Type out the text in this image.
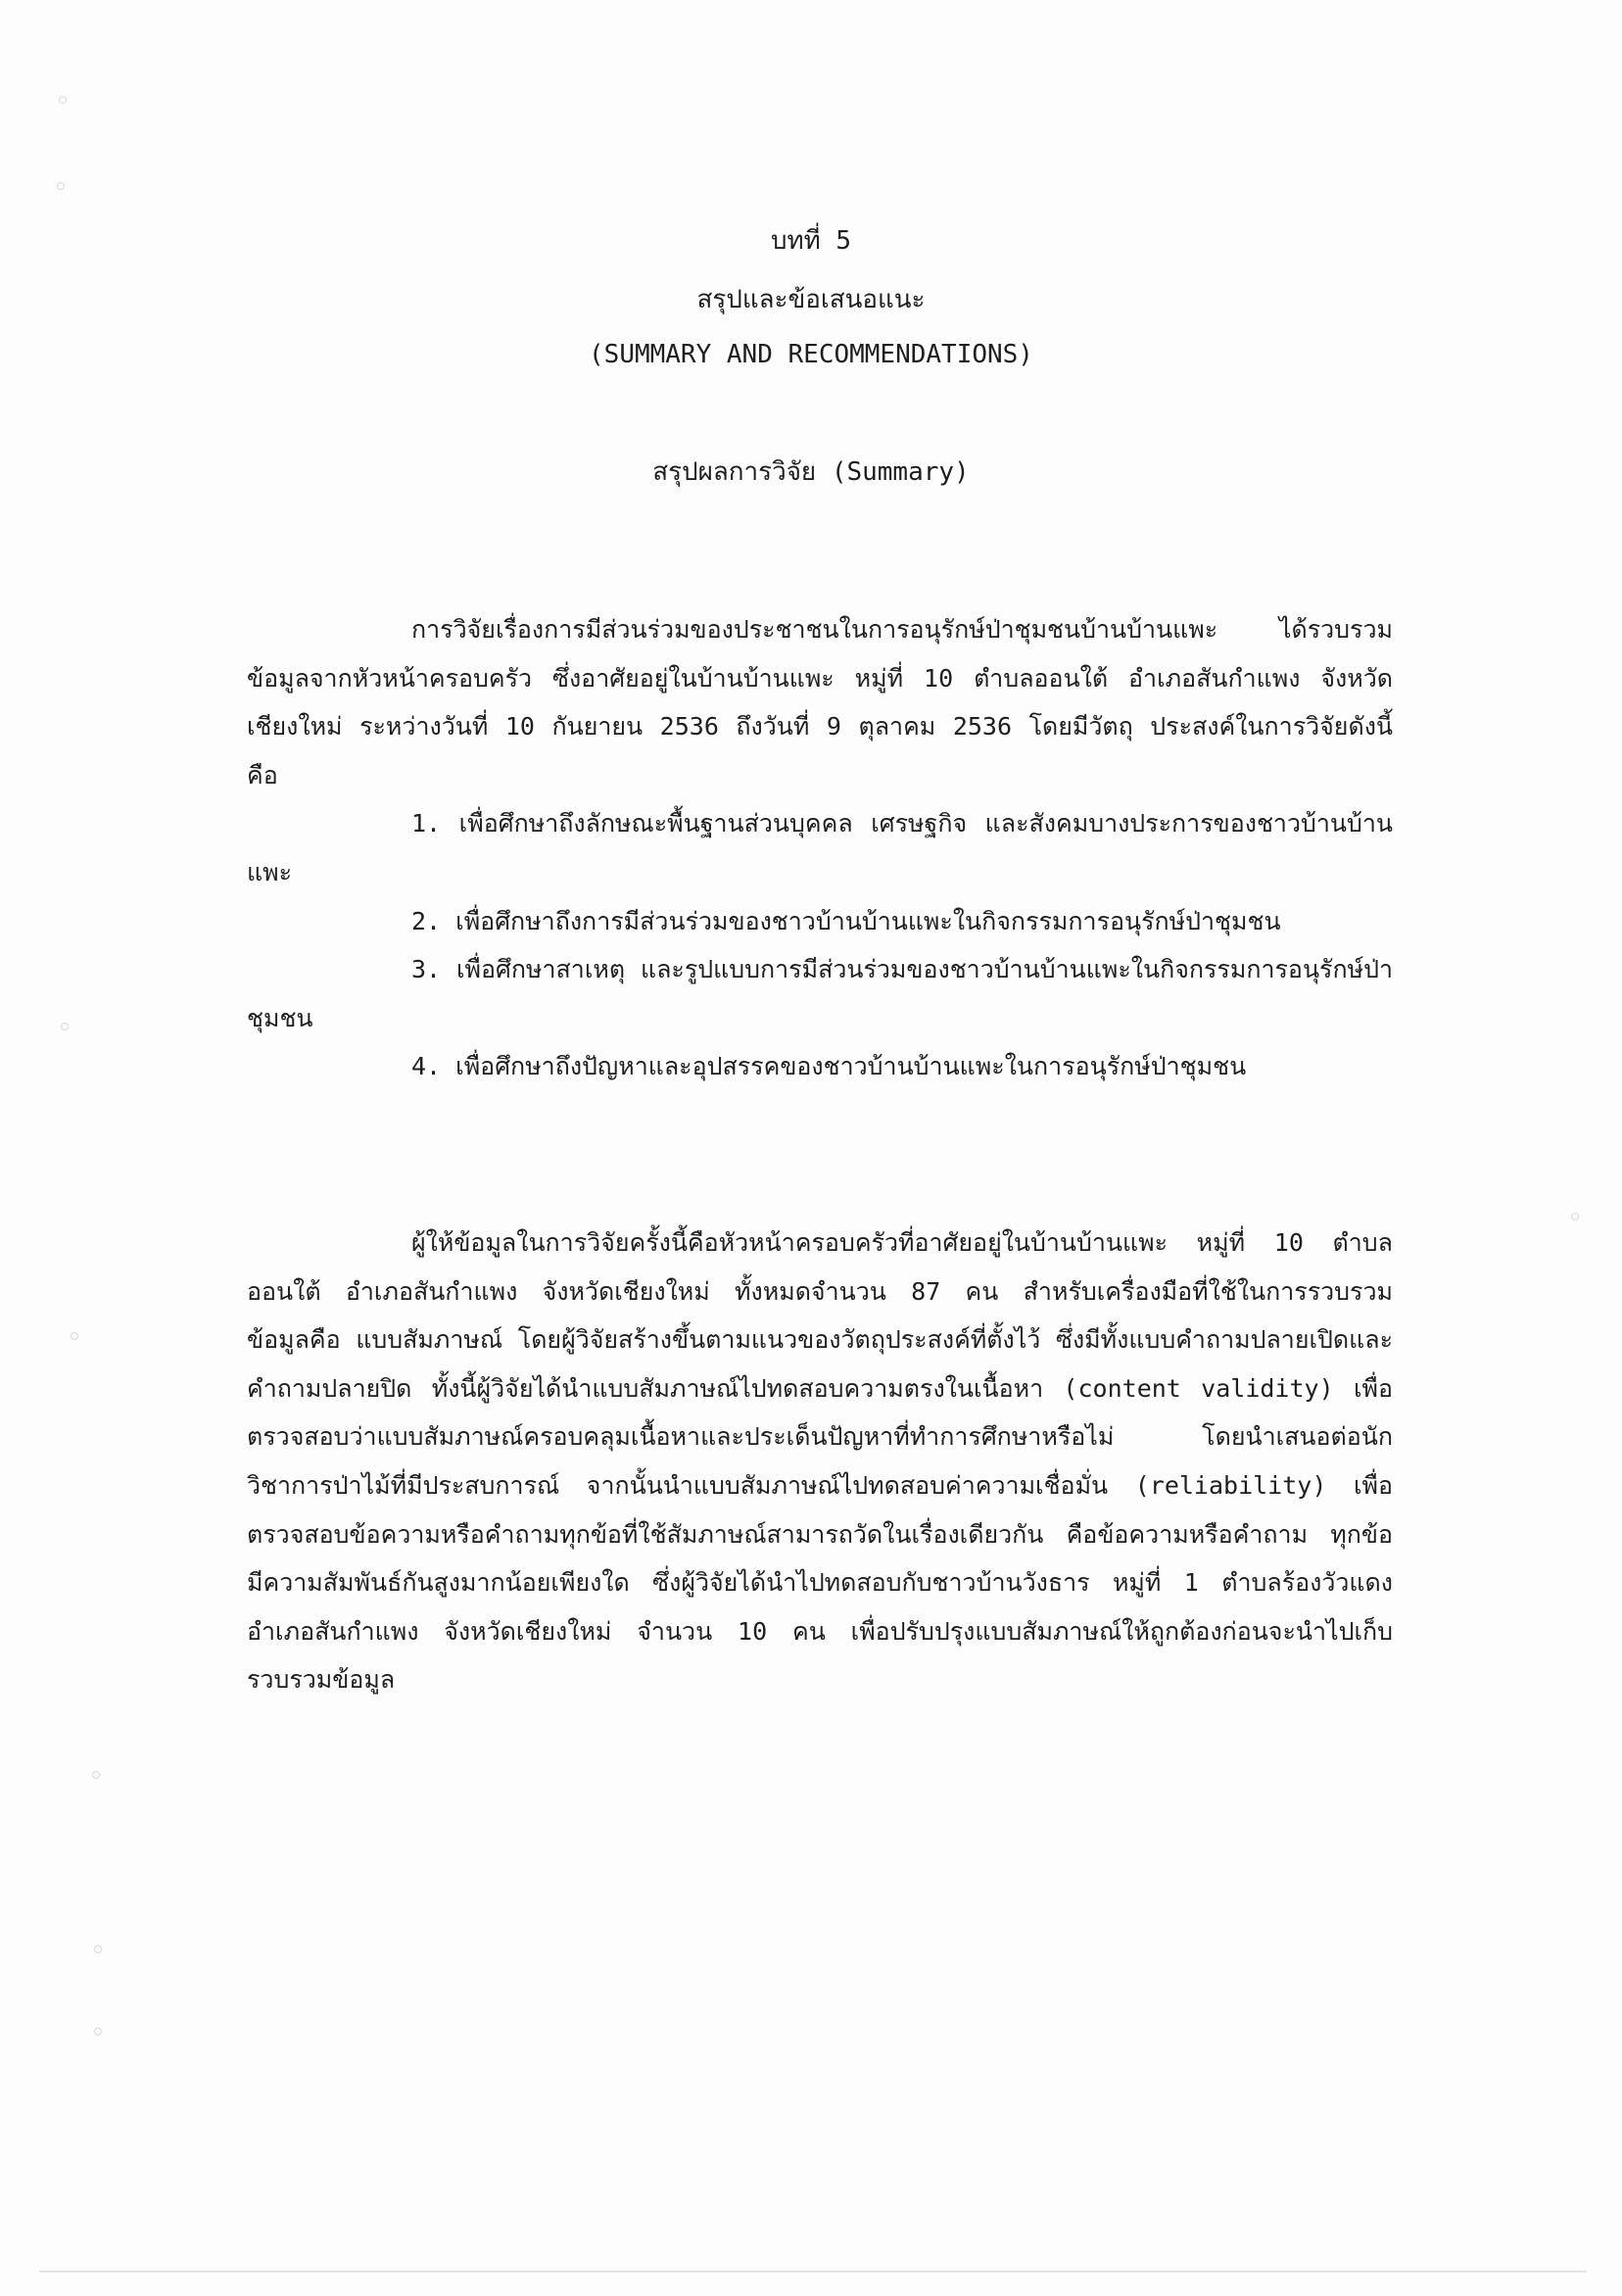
บทที่ 5
สรุปและข้อเสนอแนะ
(SUMMARY AND RECOMMENDATIONS)
สรุปผลการวิจัย (Summary)

การวิจัยเรื่องการมีส่วนร่วมของประชาชนในการอนุรักษ์ป่าชุมชนบ้านบ้านแพะ ได้รวบรวมข้อมูลจากหัวหน้าครอบครัว ซึ่งอาศัยอยู่ในบ้านบ้านแพะ หมู่ที่ 10 ตำบลออนใต้ อำเภอสันกำแพง จังหวัดเชียงใหม่ ระหว่างวันที่ 10 กันยายน 2536 ถึงวันที่ 9 ตุลาคม 2536 โดยมีวัตถุ ประสงค์ในการวิจัยดังนี้คือ

1. เพื่อศึกษาถึงลักษณะพื้นฐานส่วนบุคคล เศรษฐกิจ และสังคมบางประการของชาวบ้านบ้านแพะ
2. เพื่อศึกษาถึงการมีส่วนร่วมของชาวบ้านบ้านแพะในกิจกรรมการอนุรักษ์ป่าชุมชน
3. เพื่อศึกษาสาเหตุ และรูปแบบการมีส่วนร่วมของชาวบ้านบ้านแพะในกิจกรรมการอนุรักษ์ป่าชุมชน
4. เพื่อศึกษาถึงปัญหาและอุปสรรคของชาวบ้านบ้านแพะในการอนุรักษ์ป่าชุมชน

ผู้ให้ข้อมูลในการวิจัยครั้งนี้คือหัวหน้าครอบครัวที่อาศัยอยู่ในบ้านบ้านแพะ หมู่ที่ 10 ตำบล ออนใต้ อำเภอสันกำแพง จังหวัดเชียงใหม่ ทั้งหมดจำนวน 87 คน สำหรับเครื่องมือที่ใช้ในการรวบรวมข้อมูลคือ แบบสัมภาษณ์ โดยผู้วิจัยสร้างขึ้นตามแนวของวัตถุประสงค์ที่ตั้งไว้ ซึ่งมีทั้งแบบคำถามปลายเปิดและคำถามปลายปิด ทั้งนี้ผู้วิจัยได้นำแบบสัมภาษณ์ไปทดสอบความตรงในเนื้อหา (content validity) เพื่อตรวจสอบว่าแบบสัมภาษณ์ครอบคลุมเนื้อหาและประเด็นปัญหาที่ทำการศึกษาหรือไม่ โดยนำเสนอต่อนักวิชาการป่าไม้ที่มีประสบการณ์ จากนั้นนำแบบสัมภาษณ์ไปทดสอบค่าความเชื่อมั่น (reliability) เพื่อตรวจสอบข้อความหรือคำถามทุกข้อที่ใช้สัมภาษณ์สามารถวัดในเรื่องเดียวกัน คือข้อความหรือคำถาม ทุกข้อมีความสัมพันธ์กันสูงมากน้อยเพียงใด ซึ่งผู้วิจัยได้นำไปทดสอบกับชาวบ้านวังธาร หมู่ที่ 1 ตำบลร้องวัวแดง อำเภอสันกำแพง จังหวัดเชียงใหม่ จำนวน 10 คน เพื่อปรับปรุงแบบสัมภาษณ์ให้ถูกต้องก่อนจะนำไปเก็บรวบรวมข้อมูล
